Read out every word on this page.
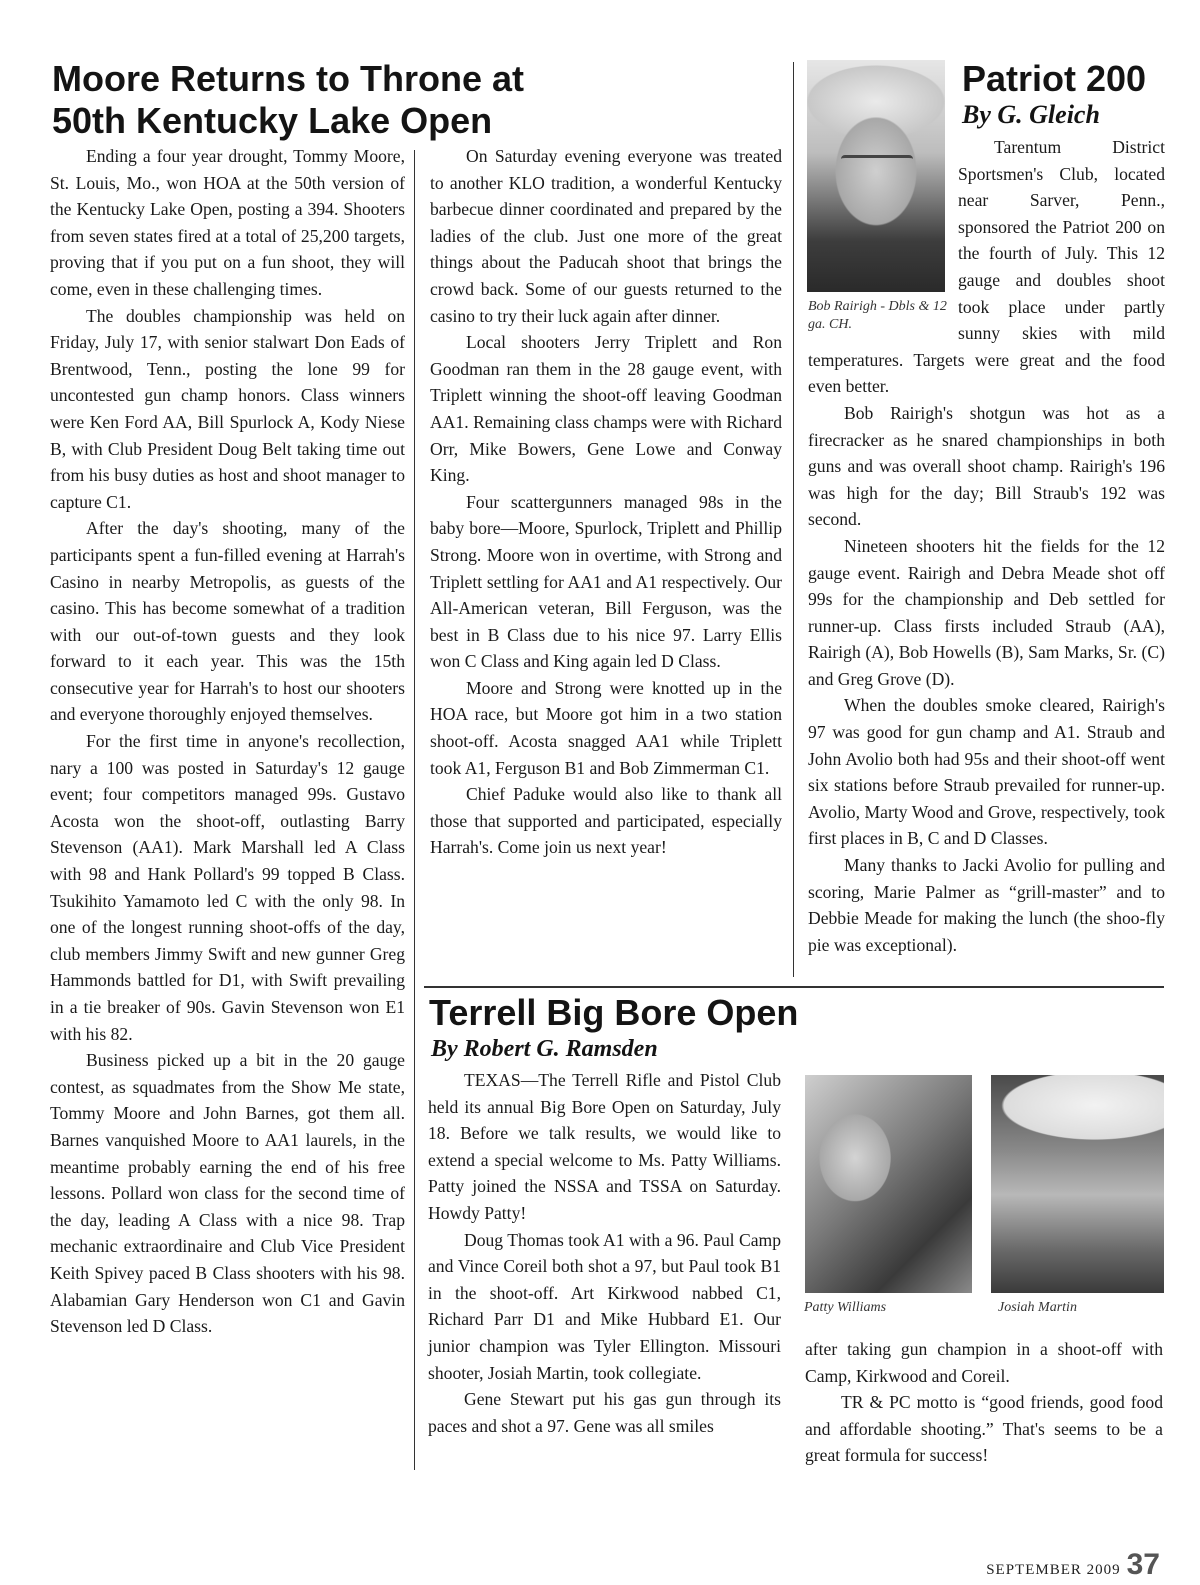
Moore Returns to Throne at
50th Kentucky Lake Open

Ending a four year drought, Tommy Moore, St. Louis, Mo., won HOA at the 50th version of the Kentucky Lake Open, posting a 394. Shooters from seven states fired at a total of 25,200 targets, proving that if you put on a fun shoot, they will come, even in these challenging times.

The doubles championship was held on Friday, July 17, with senior stalwart Don Eads of Brentwood, Tenn., posting the lone 99 for uncontested gun champ honors. Class winners were Ken Ford AA, Bill Spurlock A, Kody Niese B, with Club President Doug Belt taking time out from his busy duties as host and shoot manager to capture C1.

After the day's shooting, many of the participants spent a fun-filled evening at Harrah's Casino in nearby Metropolis, as guests of the casino. This has become somewhat of a tradition with our out-of-town guests and they look forward to it each year. This was the 15th consecutive year for Harrah's to host our shooters and everyone thoroughly enjoyed themselves.

For the first time in anyone's recollection, nary a 100 was posted in Saturday's 12 gauge event; four competitors managed 99s. Gustavo Acosta won the shoot-off, outlasting Barry Stevenson (AA1). Mark Marshall led A Class with 98 and Hank Pollard's 99 topped B Class. Tsukihito Yamamoto led C with the only 98. In one of the longest running shoot-offs of the day, club members Jimmy Swift and new gunner Greg Hammonds battled for D1, with Swift prevailing in a tie breaker of 90s. Gavin Stevenson won E1 with his 82.

Business picked up a bit in the 20 gauge contest, as squadmates from the Show Me state, Tommy Moore and John Barnes, got them all. Barnes vanquished Moore to AA1 laurels, in the meantime probably earning the end of his free lessons. Pollard won class for the second time of the day, leading A Class with a nice 98. Trap mechanic extraordinaire and Club Vice President Keith Spivey paced B Class shooters with his 98. Alabamian Gary Henderson won C1 and Gavin Stevenson led D Class.

On Saturday evening everyone was treated to another KLO tradition, a wonderful Kentucky barbecue dinner coordinated and prepared by the ladies of the club. Just one more of the great things about the Paducah shoot that brings the crowd back. Some of our guests returned to the casino to try their luck again after dinner.

Local shooters Jerry Triplett and Ron Goodman ran them in the 28 gauge event, with Triplett winning the shoot-off leaving Goodman AA1. Remaining class champs were with Richard Orr, Mike Bowers, Gene Lowe and Conway King.

Four scattergunners managed 98s in the baby bore—Moore, Spurlock, Triplett and Phillip Strong. Moore won in overtime, with Strong and Triplett settling for AA1 and A1 respectively. Our All-American veteran, Bill Ferguson, was the best in B Class due to his nice 97. Larry Ellis won C Class and King again led D Class.

Moore and Strong were knotted up in the HOA race, but Moore got him in a two station shoot-off. Acosta snagged AA1 while Triplett took A1, Ferguson B1 and Bob Zimmerman C1.

Chief Paduke would also like to thank all those that supported and participated, especially Harrah's. Come join us next year!

Bob Rairigh - Dbls & 12 ga. CH.

Patriot 200

By G. Gleich

Tarentum District Sportsmen's Club, located near Sarver, Penn., sponsored the Patriot 200 on the fourth of July. This 12 gauge and doubles shoot took place under partly sunny skies with mild temperatures. Targets were great and the food even better.

Bob Rairigh's shotgun was hot as a firecracker as he snared championships in both guns and was overall shoot champ. Rairigh's 196 was high for the day; Bill Straub's 192 was second.

Nineteen shooters hit the fields for the 12 gauge event. Rairigh and Debra Meade shot off 99s for the championship and Deb settled for runner-up. Class firsts included Straub (AA), Rairigh (A), Bob Howells (B), Sam Marks, Sr. (C) and Greg Grove (D).

When the doubles smoke cleared, Rairigh's 97 was good for gun champ and A1. Straub and John Avolio both had 95s and their shoot-off went six stations before Straub prevailed for runner-up. Avolio, Marty Wood and Grove, respectively, took first places in B, C and D Classes.

Many thanks to Jacki Avolio for pulling and scoring, Marie Palmer as “grill-master” and to Debbie Meade for making the lunch (the shoo-fly pie was exceptional).

Terrell Big Bore Open

By Robert G. Ramsden

TEXAS—The Terrell Rifle and Pistol Club held its annual Big Bore Open on Saturday, July 18. Before we talk results, we would like to extend a special welcome to Ms. Patty Williams. Patty joined the NSSA and TSSA on Saturday. Howdy Patty!

Doug Thomas took A1 with a 96. Paul Camp and Vince Coreil both shot a 97, but Paul took B1 in the shoot-off. Art Kirkwood nabbed C1, Richard Parr D1 and Mike Hubbard E1. Our junior champion was Tyler Ellington. Missouri shooter, Josiah Martin, took collegiate.

Gene Stewart put his gas gun through its paces and shot a 97. Gene was all smiles

Patty Williams	Josiah Martin

after taking gun champion in a shoot-off with Camp, Kirkwood and Coreil.

TR & PC motto is “good friends, good food and affordable shooting.” That's seems to be a great formula for success!

SEPTEMBER 2009 37
